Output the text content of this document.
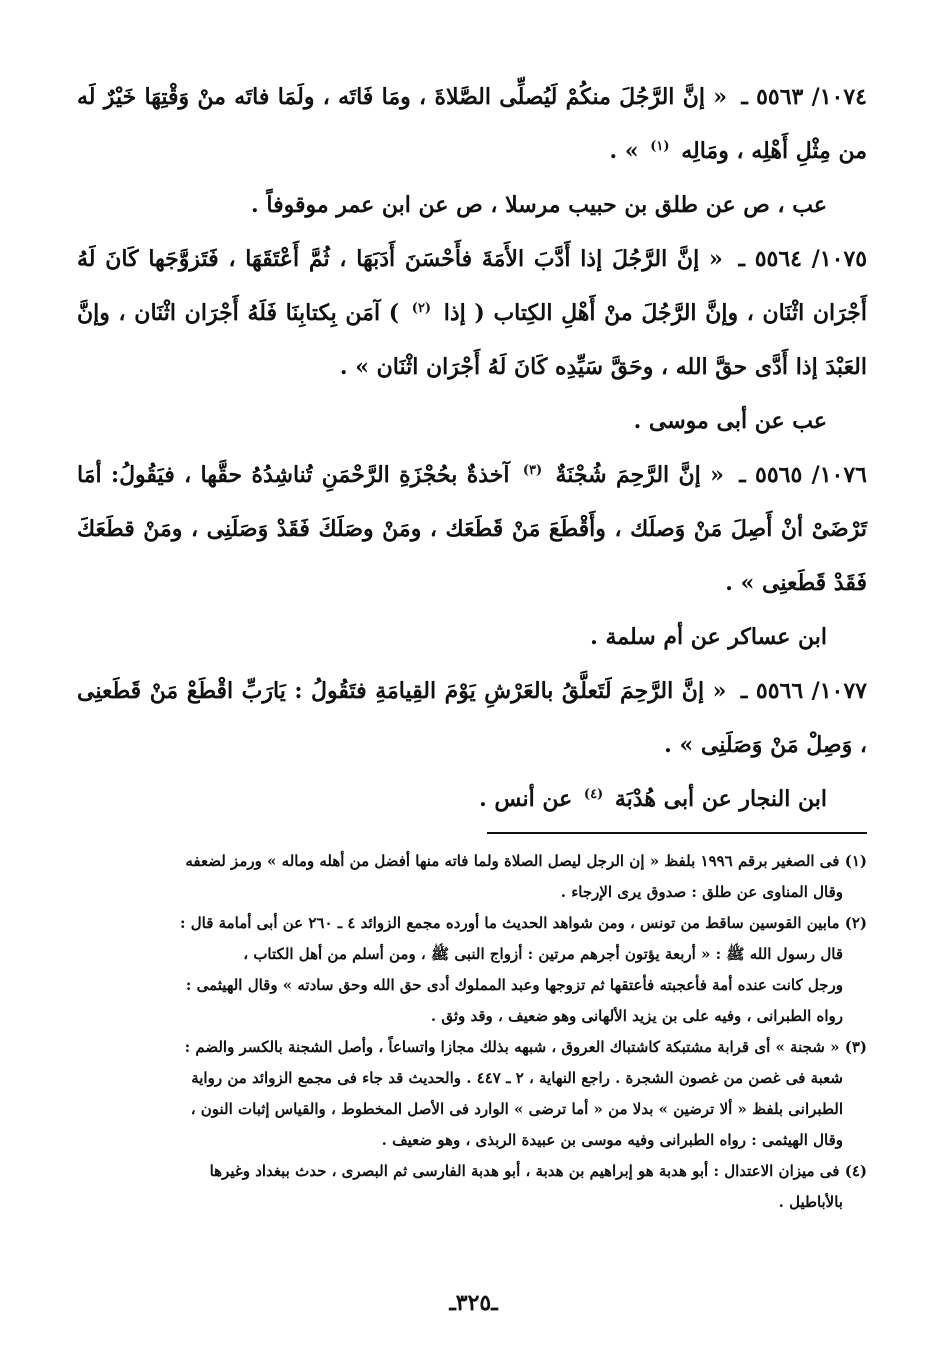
١٠٧٤/ ٥٥٦٣ ـ « إنَّ الرَّجُلَ منكُمْ لَيُصلِّى الصَّلاةَ ، ومَا فَاتَه ، ولَمَا فاتَه منْ وَقْتِهَا خَيْرٌ لَه من مِثْلِ أَهْلِه ، ومَالِه $^{(١)}$ » .

عب ، ص عن طلق بن حبيب مرسلا ، ص عن ابن عمر موقوفاً .

١٠٧٥/ ٥٥٦٤ ـ « إنَّ الرَّجُلَ إذا أَدَّبَ الأَمَةَ فأَحْسَنَ أَدَبَهَا ، ثُمَّ أَعْتَقَهَا ، فَتَزوَّجَها كَانَ لَهُ أَجْرَان اثْنَان ، وإنَّ الرَّجُلَ منْ أَهْلِ الكِتاب ( إذا $^{(٢)}$ ) آمَن بِكتابِنَا فَلَهُ أَجْرَان اثْنَان ، وإنَّ العَبْدَ إذا أَدَّى حقَّ الله ، وحَقَّ سَيِّدِه كَانَ لَهُ أَجْرَان اثْنَان » .

عب عن أبى موسى .

١٠٧٦/ ٥٥٦٥ ـ « إنَّ الرَّحِمَ شُجْنَةٌ $^{(٣)}$ آخذةٌ بحُجْزَةِ الرَّحْمَنِ تُناشِدُهُ حقَّها ، فيَقُولُ: أمَا تَرْضَىْ أنْ أَصِلَ مَنْ وَصلَك ، وأَقْطَعَ مَنْ قَطَعَك ، ومَنْ وصَلَكَ فَقَدْ وَصَلَنِى ، ومَنْ قطَعَكَ فَقَدْ قَطَعنِى » .

ابن عساكر عن أم سلمة .

١٠٧٧/ ٥٥٦٦ ـ « إنَّ الرَّحِمَ لَتَعلَّقُ بالعَرْشِ يَوْمَ القِيامَةِ فتَقُولُ : يَارَبِّ اقْطَعْ مَنْ قَطَعنِى ، وَصِلْ مَنْ وَصَلَنِى » .

ابن النجار عن أبى هُدْبَة $^{(٤)}$ عن أنس .

(١) فى الصغير برقم ١٩٩٦ بلفظ « إن الرجل ليصل الصلاة ولما فاته منها أفضل من أهله وماله » ورمز لضعفه

وقال المناوى عن طلق : صدوق يرى الإرجاء .

(٢) مابين القوسين ساقط من تونس ، ومن شواهد الحديث ما أورده مجمع الزوائد ٤ ـ ٢٦٠ عن أبى أمامة قال :

قال رسول الله ﷺ : « أربعة يؤتون أجرهم مرتين : أزواج النبى ﷺ ، ومن أسلم من أهل الكتاب ،

ورجل كانت عنده أمة فأعجبته فأعتقها ثم تزوجها وعبد المملوك أدى حق الله وحق سادته » وقال الهيثمى :

رواه الطبرانى ، وفيه على بن يزيد الألهانى وهو ضعيف ، وقد وثق .

(٣) « شجنة » أى قرابة مشتبكة كاشتباك العروق ، شبهه بذلك مجازا واتساعاً ، وأصل الشجنة بالكسر والضم :

شعبة فى غصن من غصون الشجرة . راجع النهاية ، ٢ ـ ٤٤٧ . والحديث قد جاء فى مجمع الزوائد من رواية

الطبرانى بلفظ « ألا ترضين » بدلا من « أما ترضى » الوارد فى الأصل المخطوط ، والقياس إثبات النون ،

وقال الهيثمى : رواه الطبرانى وفيه موسى بن عبيدة الربذى ، وهو ضعيف .

(٤) فى ميزان الاعتدال : أبو هدبة هو إبراهيم بن هدبة ، أبو هدبة الفارسى ثم البصرى ، حدث ببغداد وغيرها

بالأباطيل .

ـ٣٢٥ـ
